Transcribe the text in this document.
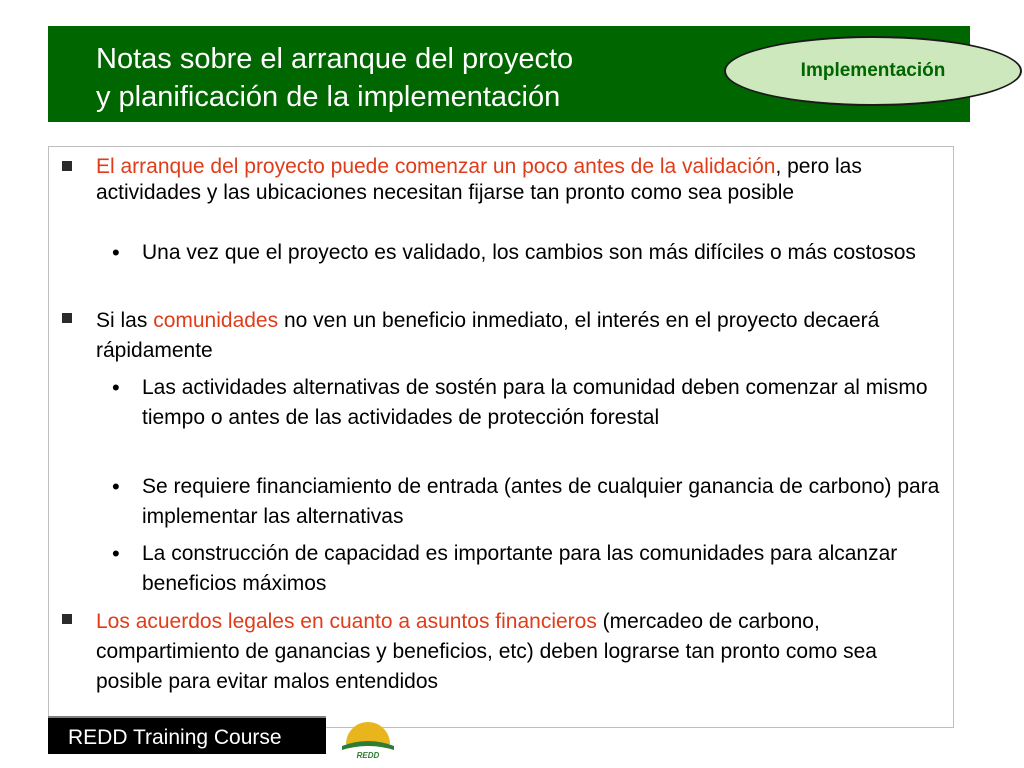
Notas sobre el arranque del proyecto
y planificación de la implementación
Implementación
El arranque del proyecto puede comenzar un poco antes de la validación, pero las actividades y las ubicaciones necesitan fijarse tan pronto como sea posible
• Una vez que el proyecto es validado, los cambios son más difíciles o más costosos
Si las comunidades no ven un beneficio inmediato, el interés en el proyecto decaerá rápidamente
• Las actividades alternativas de sostén para la comunidad deben comenzar al mismo tiempo o antes de las actividades de protección forestal
• Se requiere financiamiento de entrada (antes de cualquier ganancia de carbono) para implementar las alternativas
• La construcción de capacidad es importante para las comunidades para alcanzar beneficios máximos
Los acuerdos legales en cuanto a asuntos financieros (mercadeo de carbono, compartimiento de ganancias y beneficios, etc) deben lograrse tan pronto como sea posible para evitar malos entendidos
REDD Training Course
REDD
